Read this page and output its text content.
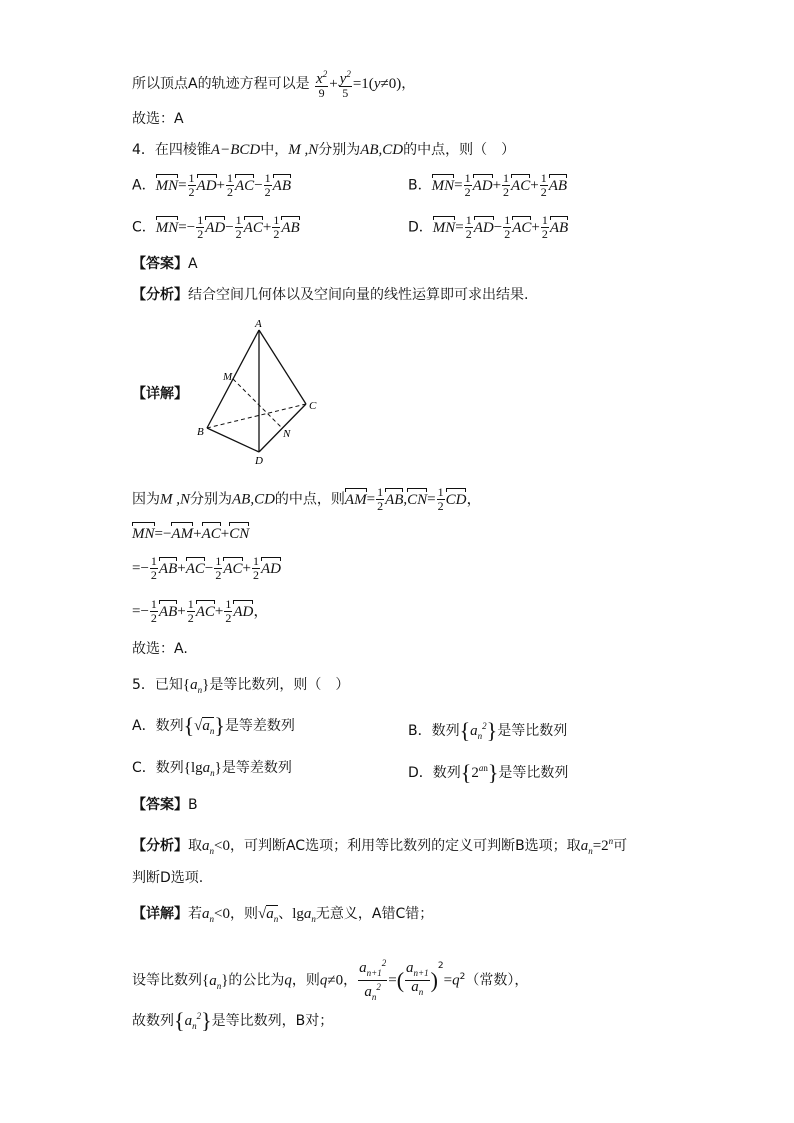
所以顶点A的轨迹方程可以是 $\frac{x^2}{9} + \frac{y^2}{5} =1(y\ne 0)$，
故选：A
4．在四棱锥A−BCD中，M ,N分别为AB,CD的中点，则（　）
A．$MN= \frac{1}{2} AD+ \frac{1}{2} AC- \frac{1}{2}$ AB	B．$MN= \frac{1}{2} AD+ \frac{1}{2} AC+ \frac{1}{2}$ AB
C．$MN=- \frac{1}{2} AD- \frac{1}{2} AC+ \frac{1}{2}$ AB	D．$MN= \frac{1}{2} AD- \frac{1}{2} AC+ \frac{1}{2}$ AB
【答案】A
【分析】结合空间几何体以及空间向量的线性运算即可求出结果.
【详解】
A
B
C
D
M
N
因为M ,N分别为AB,CD的中点，则$AM= \frac{1}{2} AB,CN= \frac{1}{2}$ CD，
MN=−AM+AC+CN
=− $\frac{1}{2} AB+AC- \frac{1}{2} AC+ \frac{1}{2}$ AD
=− $\frac{1}{2} AB+ \frac{1}{2} AC+ \frac{1}{2}$ AD，
故选：A.
5．已知$\{a_n\}$是等比数列，则（　）
A．数列$\{√a_n\}$是等差数列	B．数列$\{a_n^2\}$是等比数列
C．数列{lga$_n$}是等差数列	D．数列$\{2^{an}\}$是等比数列
【答案】B
【分析】取$a_n<0$，可判断AC选项；利用等比数列的定义可判断B选项；取$a_n=2^n$可
判断D选项.
【详解】若$a_n<0$，则$√a_n$、lga$_n$无意义，A错C错；
设等比数列$\{a_n\}$的公比为q，则q≠0， $\frac{a_{n+1}^2}{a_n^2}$ =( $\frac{a_{n+1}}{a_n} )^2=q^2$（常数），
故数列$\{a_n^2\}$是等比数列，B对；
